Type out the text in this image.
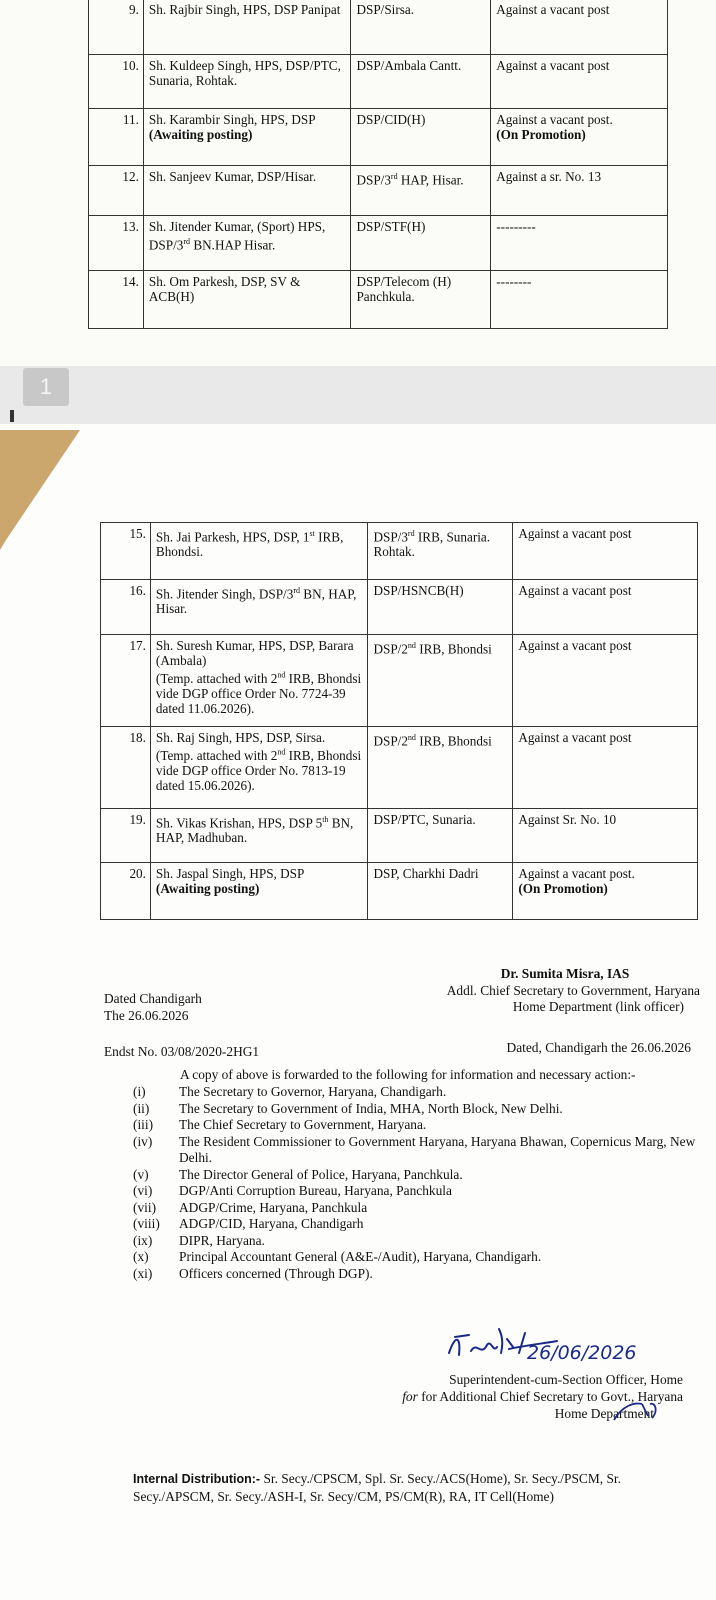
1
9.	Sh. Rajbir Singh, HPS, DSP Panipat	DSP/Sirsa.	Against a vacant post
10.	Sh. Kuldeep Singh, HPS, DSP/PTC, Sunaria, Rohtak.	DSP/Ambala Cantt.	Against a vacant post
11.	Sh. Karambir Singh, HPS, DSP
(Awaiting posting)	DSP/CID(H)	Against a vacant post.
(On Promotion)
12.	Sh. Sanjeev Kumar, DSP/Hisar.	DSP/3rd HAP, Hisar.	Against a sr. No. 13
13.	Sh. Jitender Kumar, (Sport) HPS, DSP/3rd BN.HAP Hisar.	DSP/STF(H)	---------
14.	Sh. Om Parkesh, DSP, SV & ACB(H)	DSP/Telecom (H) Panchkula.	--------
15.	Sh. Jai Parkesh, HPS, DSP, 1st IRB, Bhondsi.	DSP/3rd IRB, Sunaria. Rohtak.	Against a vacant post
16.	Sh. Jitender Singh, DSP/3rd BN, HAP, Hisar.	DSP/HSNCB(H)	Against a vacant post
17.	Sh. Suresh Kumar, HPS, DSP, Barara (Ambala)
(Temp. attached with 2nd IRB, Bhondsi vide DGP office Order No. 7724-39 dated 11.06.2026).	DSP/2nd IRB, Bhondsi	Against a vacant post
18.	Sh. Raj Singh, HPS, DSP, Sirsa.
(Temp. attached with 2nd IRB, Bhondsi vide DGP office Order No. 7813-19 dated 15.06.2026).	DSP/2nd IRB, Bhondsi	Against a vacant post
19.	Sh. Vikas Krishan, HPS, DSP 5th BN, HAP, Madhuban.	DSP/PTC, Sunaria.	Against Sr. No. 10
20.	Sh. Jaspal Singh, HPS, DSP
(Awaiting posting)	DSP, Charkhi Dadri	Against a vacant post.
(On Promotion)
Dr. Sumita Misra, IAS
Addl. Chief Secretary to Government, Haryana
Home Department (link officer)
Dated Chandigarh
The 26.06.2026
Endst No. 03/08/2020-2HG1	Dated, Chandigarh the 26.06.2026
A copy of above is forwarded to the following for information and necessary action:-
(i)	The Secretary to Governor, Haryana, Chandigarh.
(ii)	The Secretary to Government of India, MHA, North Block, New Delhi.
(iii)	The Chief Secretary to Government, Haryana.
(iv)	The Resident Commissioner to Government Haryana, Haryana Bhawan, Copernicus Marg, New Delhi.
(v)	The Director General of Police, Haryana, Panchkula.
(vi)	DGP/Anti Corruption Bureau, Haryana, Panchkula
(vii)	ADGP/Crime, Haryana, Panchkula
(viii)	ADGP/CID, Haryana, Chandigarh
(ix)	DIPR, Haryana.
(x)	Principal Accountant General (A&E-/Audit), Haryana, Chandigarh.
(xi)	Officers concerned (Through DGP).
26/06/2026
Superintendent-cum-Section Officer, Home
for for Additional Chief Secretary to Govt., Haryana
Home Department
Internal Distribution:- Sr. Secy./CPSCM, Spl. Sr. Secy./ACS(Home), Sr. Secy./PSCM, Sr. Secy./APSCM, Sr. Secy./ASH-I, Sr. Secy/CM, PS/CM(R), RA, IT Cell(Home)
